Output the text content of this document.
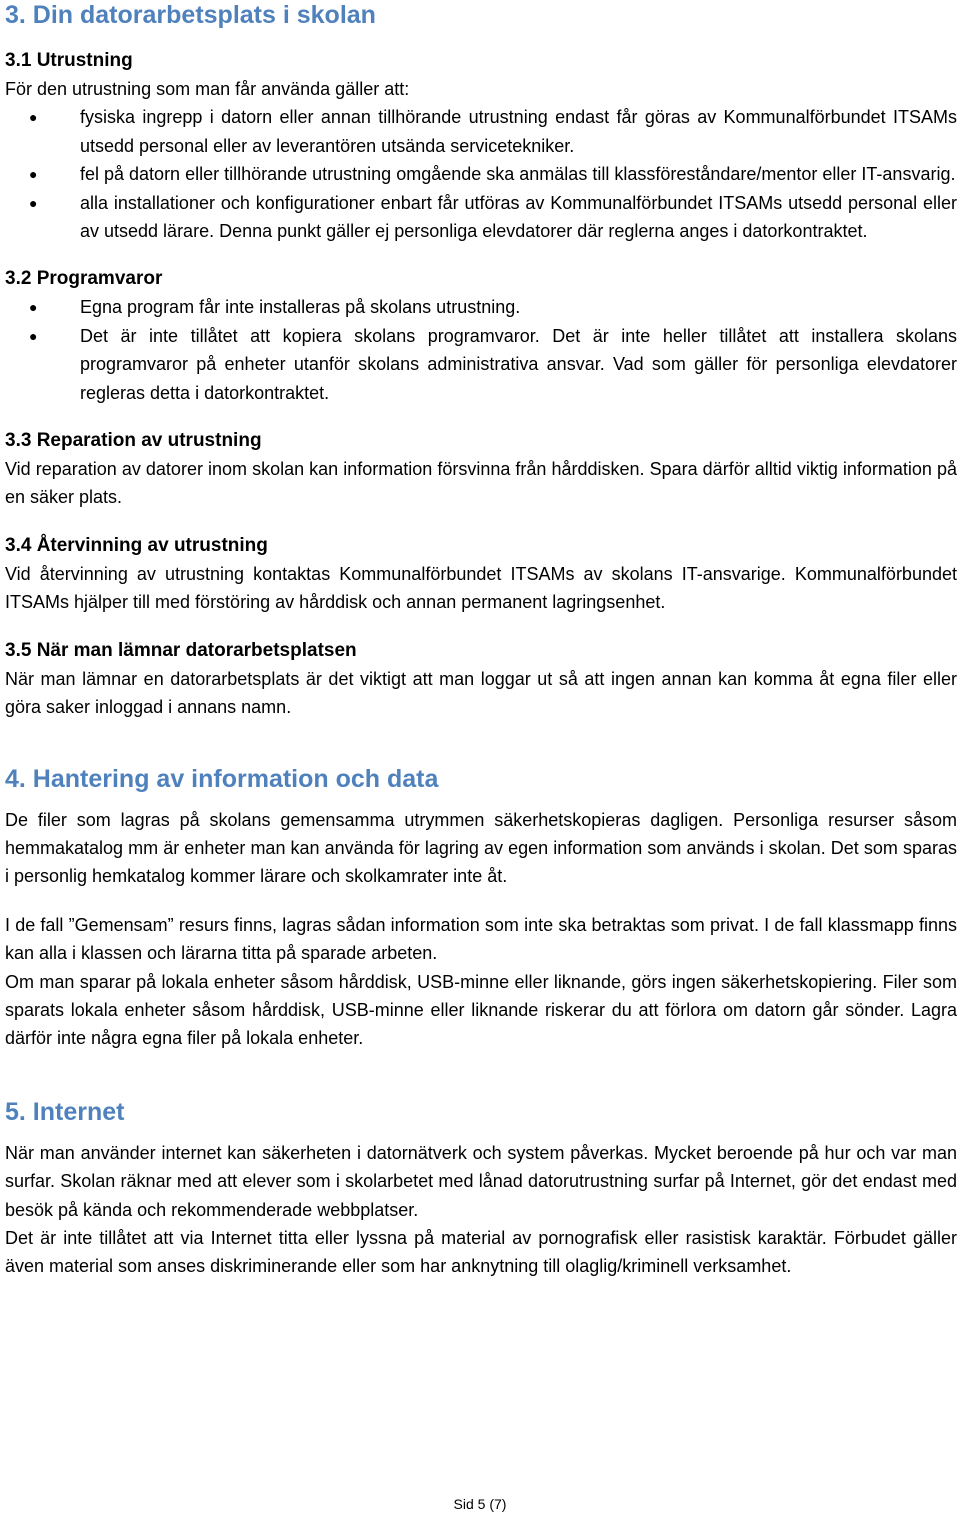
3. Din datorarbetsplats i skolan
3.1 Utrustning

För den utrustning som man får använda gäller att:

● fysiska ingrepp i datorn eller annan tillhörande utrustning endast får göras av Kommunalförbundet ITSAMs utsedd personal eller av leverantören utsända servicetekniker.
● fel på datorn eller tillhörande utrustning omgående ska anmälas till klassföreståndare/mentor eller IT-ansvarig.
● alla installationer och konfigurationer enbart får utföras av Kommunalförbundet ITSAMs utsedd personal eller av utsedd lärare. Denna punkt gäller ej personliga elevdatorer där reglerna anges i datorkontraktet.
3.2 Programvaror
● Egna program får inte installeras på skolans utrustning.
● Det är inte tillåtet att kopiera skolans programvaror. Det är inte heller tillåtet att installera skolans programvaror på enheter utanför skolans administrativa ansvar. Vad som gäller för personliga elevdatorer regleras detta i datorkontraktet.
3.3 Reparation av utrustning

Vid reparation av datorer inom skolan kan information försvinna från hårddisken. Spara därför alltid viktig information på en säker plats.

3.4 Återvinning av utrustning

Vid återvinning av utrustning kontaktas Kommunalförbundet ITSAMs av skolans IT-ansvarige. Kommunalförbundet ITSAMs hjälper till med förstöring av hårddisk och annan permanent lagringsenhet.

3.5 När man lämnar datorarbetsplatsen

När man lämnar en datorarbetsplats är det viktigt att man loggar ut så att ingen annan kan komma åt egna filer eller göra saker inloggad i annans namn.

4. Hantering av information och data

De filer som lagras på skolans gemensamma utrymmen säkerhetskopieras dagligen. Personliga resurser såsom hemmakatalog mm är enheter man kan använda för lagring av egen information som används i skolan. Det som sparas i personlig hemkatalog kommer lärare och skolkamrater inte åt.

I de fall ”Gemensam” resurs finns, lagras sådan information som inte ska betraktas som privat. I de fall klassmapp finns kan alla i klassen och lärarna titta på sparade arbeten.

Om man sparar på lokala enheter såsom hårddisk, USB-minne eller liknande, görs ingen säkerhetskopiering. Filer som sparats lokala enheter såsom hårddisk, USB-minne eller liknande riskerar du att förlora om datorn går sönder. Lagra därför inte några egna filer på lokala enheter.

5. Internet

När man använder internet kan säkerheten i datornätverk och system påverkas. Mycket beroende på hur och var man surfar. Skolan räknar med att elever som i skolarbetet med lånad datorutrustning surfar på Internet, gör det endast med besök på kända och rekommenderade webbplatser.

Det är inte tillåtet att via Internet titta eller lyssna på material av pornografisk eller rasistisk karaktär. Förbudet gäller även material som anses diskriminerande eller som har anknytning till olaglig/kriminell verksamhet.

Sid 5 (7)
